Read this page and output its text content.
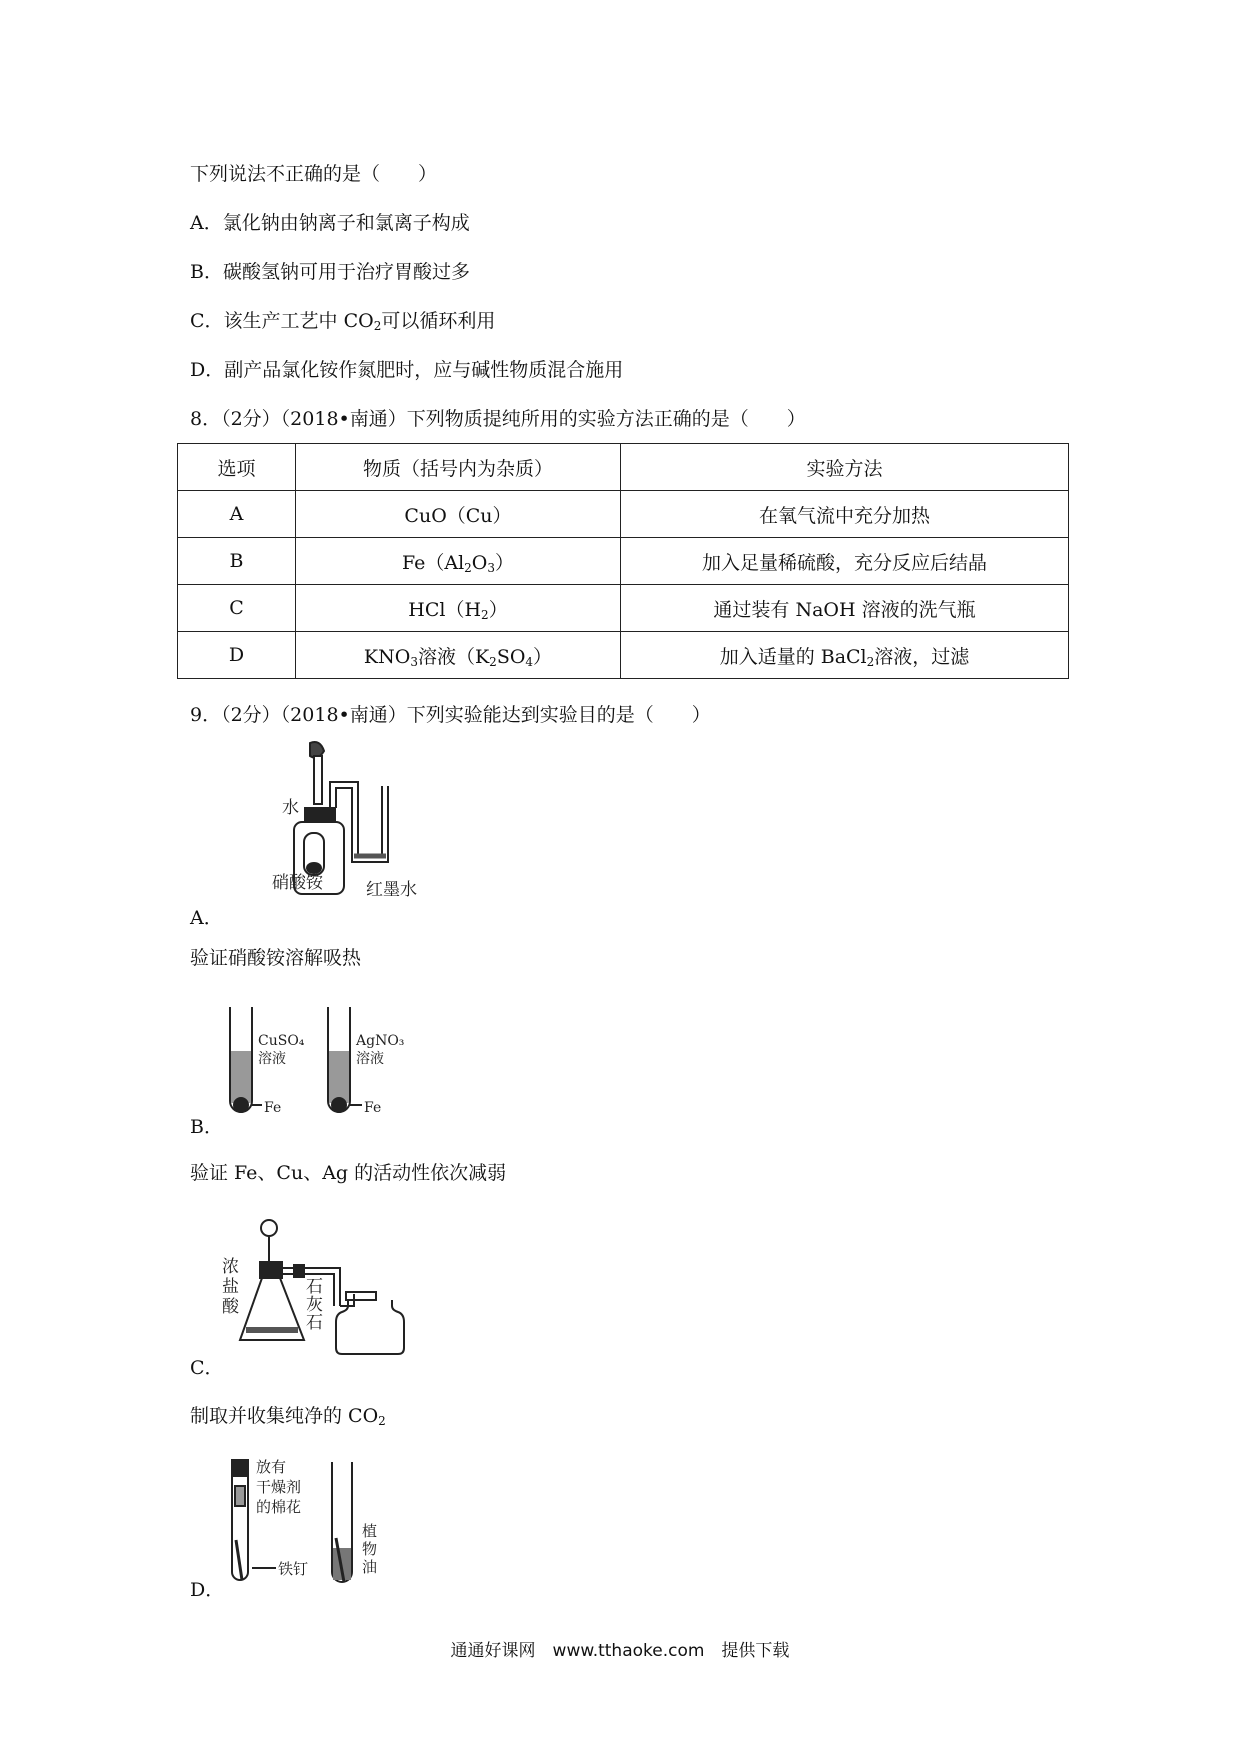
下列说法不正确的是（　　）
A．氯化钠由钠离子和氯离子构成
B．碳酸氢钠可用于治疗胃酸过多
C．该生产工艺中 $CO_2$可以循环利用
D．副产品氯化铵作氮肥时，应与碱性物质混合施用
8．（2分）（2018•南通）下列物质提纯所用的实验方法正确的是（　　）
选项	物质（括号内为杂质）	实验方法
A	CuO（Cu）	在氧气流中充分加热
B	$Fe(Al_2O_3)$	加入足量稀硫酸，充分反应后结晶
C	$HCl(H_2)$	通过装有 NaOH 溶液的洗气瓶
D	$KNO_3$溶液$(K_2SO_4)$	加入适量的 BaCl$_2$溶液，过滤
9．（2分）（2018•南通）下列实验能达到实验目的是（　　）
水
硝酸铵	红墨水
A．
验证硝酸铵溶解吸热
CuSO₄
溶液
Fe
AgNO₃
溶液
Fe
B．
验证 Fe、Cu、Ag 的活动性依次减弱
浓
盐
酸
石
灰
石
C．
制取并收集纯净的 $CO_2$
放有
干燥剂
的棉花
铁钉
植
物
油
D．
通通好课网　www.tthaoke.com　提供下载
